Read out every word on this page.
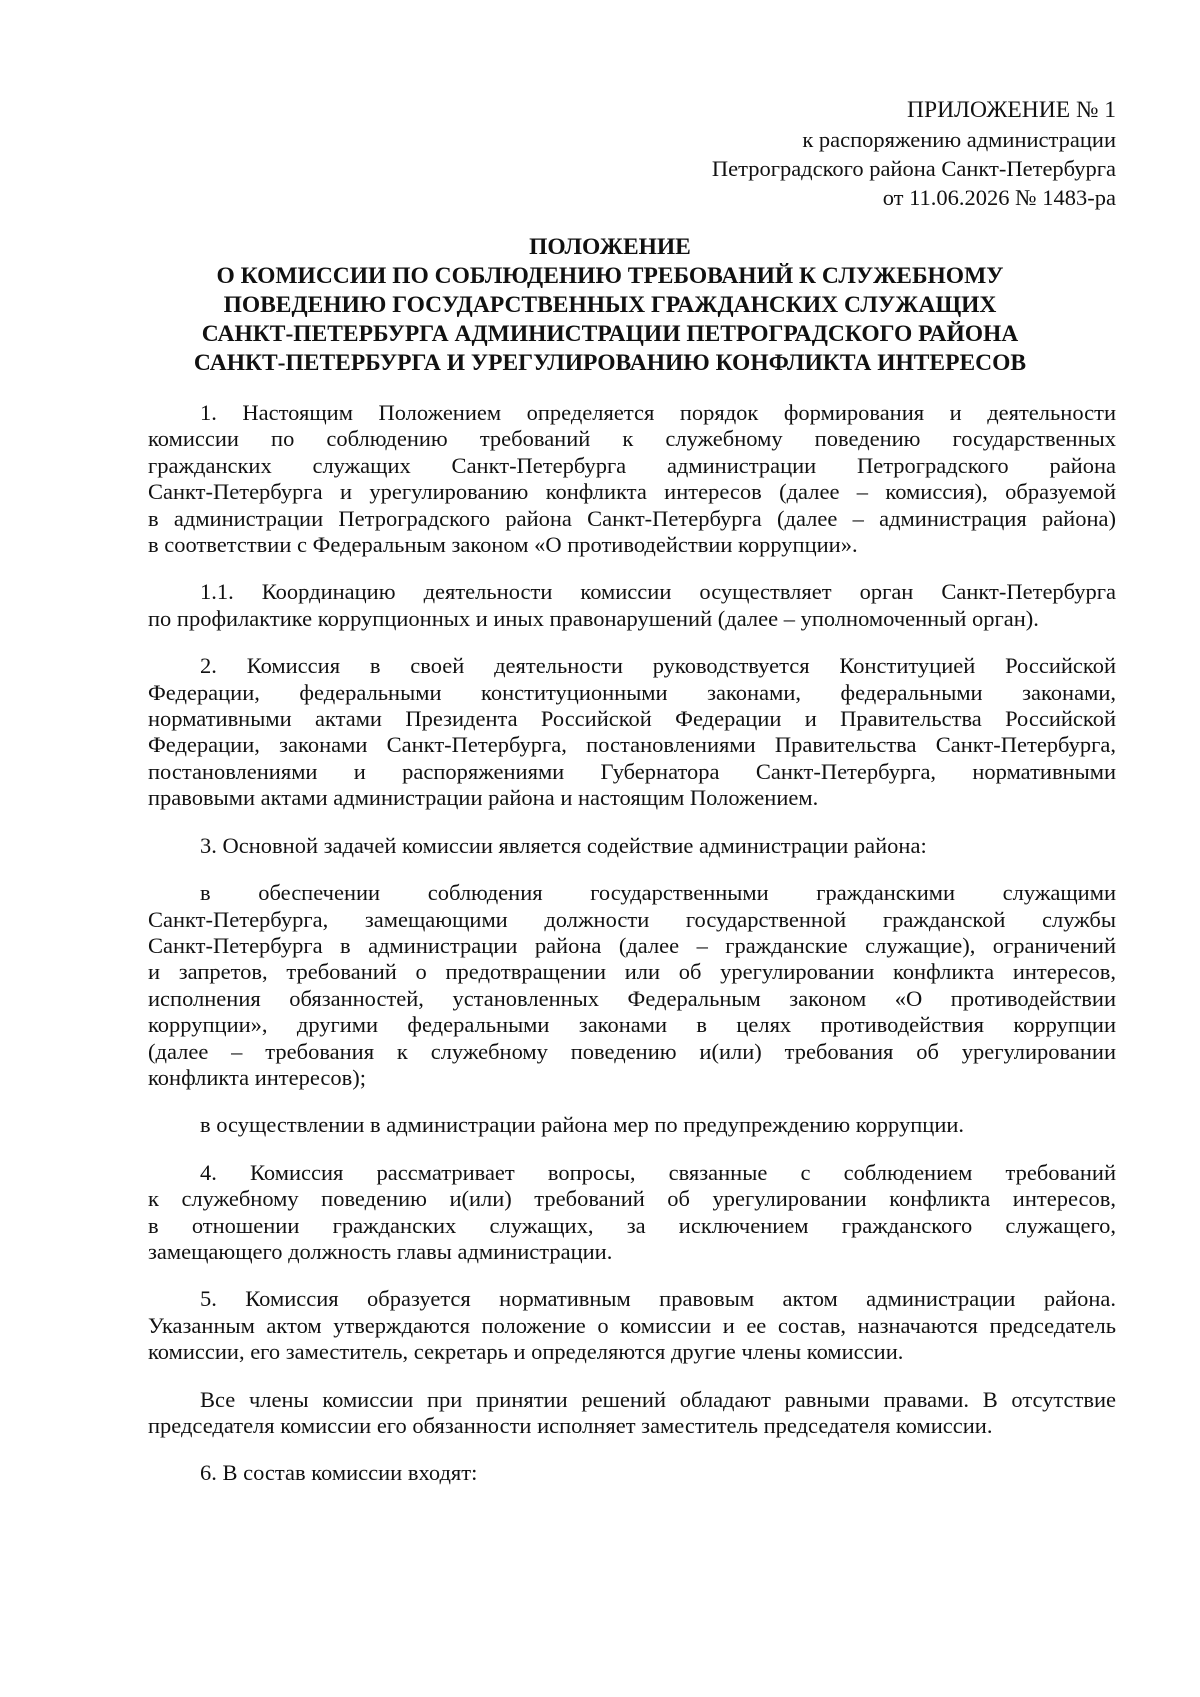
ПРИЛОЖЕНИЕ № 1
к распоряжению администрации
Петроградского района Санкт-Петербурга
от 11.06.2026 № 1483-ра
ПОЛОЖЕНИЕ
О КОМИССИИ ПО СОБЛЮДЕНИЮ ТРЕБОВАНИЙ К СЛУЖЕБНОМУ
ПОВЕДЕНИЮ ГОСУДАРСТВЕННЫХ ГРАЖДАНСКИХ СЛУЖАЩИХ
САНКТ-ПЕТЕРБУРГА АДМИНИСТРАЦИИ ПЕТРОГРАДСКОГО РАЙОНА
САНКТ-ПЕТЕРБУРГА И УРЕГУЛИРОВАНИЮ КОНФЛИКТА ИНТЕРЕСОВ
1. Настоящим Положением определяется порядок формирования и деятельности
комиссии по соблюдению требований к служебному поведению государственных
гражданских служащих Санкт-Петербурга администрации Петроградского района
Санкт-Петербурга и урегулированию конфликта интересов (далее – комиссия), образуемой
в администрации Петроградского района Санкт-Петербурга (далее – администрация района)
в соответствии с Федеральным законом «О противодействии коррупции».
1.1. Координацию деятельности комиссии осуществляет орган Санкт-Петербурга
по профилактике коррупционных и иных правонарушений (далее – уполномоченный орган).
2. Комиссия в своей деятельности руководствуется Конституцией Российской
Федерации, федеральными конституционными законами, федеральными законами,
нормативными актами Президента Российской Федерации и Правительства Российской
Федерации, законами Санкт-Петербурга, постановлениями Правительства Санкт-Петербурга,
постановлениями и распоряжениями Губернатора Санкт-Петербурга, нормативными
правовыми актами администрации района и настоящим Положением.
3. Основной задачей комиссии является содействие администрации района:
в обеспечении соблюдения государственными гражданскими служащими
Санкт-Петербурга, замещающими должности государственной гражданской службы
Санкт-Петербурга в администрации района (далее – гражданские служащие), ограничений
и запретов, требований о предотвращении или об урегулировании конфликта интересов,
исполнения обязанностей, установленных Федеральным законом «О противодействии
коррупции», другими федеральными законами в целях противодействия коррупции
(далее – требования к служебному поведению и(или) требования об урегулировании
конфликта интересов);
в осуществлении в администрации района мер по предупреждению коррупции.
4. Комиссия рассматривает вопросы, связанные с соблюдением требований
к служебному поведению и(или) требований об урегулировании конфликта интересов,
в отношении гражданских служащих, за исключением гражданского служащего,
замещающего должность главы администрации.
5. Комиссия образуется нормативным правовым актом администрации района.
Указанным актом утверждаются положение о комиссии и ее состав, назначаются председатель
комиссии, его заместитель, секретарь и определяются другие члены комиссии.
Все члены комиссии при принятии решений обладают равными правами. В отсутствие
председателя комиссии его обязанности исполняет заместитель председателя комиссии.
6. В состав комиссии входят:
